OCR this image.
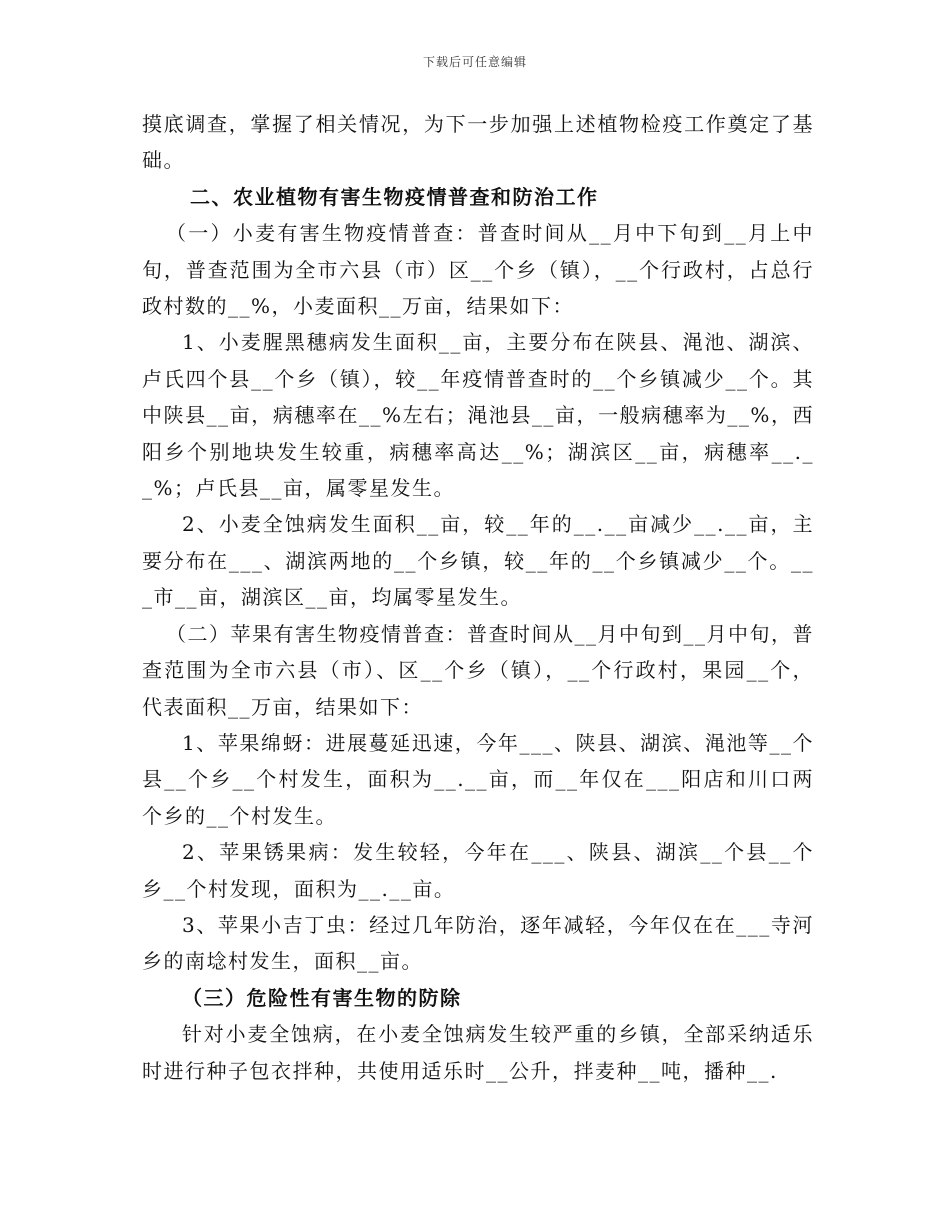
下载后可任意编辑

摸底调查，掌握了相关情况，为下一步加强上述植物检疫工作奠定了基础。

二、农业植物有害生物疫情普查和防治工作

（一）小麦有害生物疫情普查：普查时间从__月中下旬到__月上中旬，普查范围为全市六县（市）区__个乡（镇），__个行政村，占总行政村数的__%，小麦面积__万亩，结果如下：

1、小麦腥黑穗病发生面积__亩，主要分布在陕县、渑池、湖滨、卢氏四个县__个乡（镇），较__年疫情普查时的__个乡镇减少__个。其中陕县__亩，病穗率在__%左右；渑池县__亩，一般病穗率为__%，西阳乡个别地块发生较重，病穗率高达__%；湖滨区__亩，病穗率__._ _%；卢氏县__亩，属零星发生。

2、小麦全蚀病发生面积__亩，较__年的__.__亩减少__.__亩，主要分布在___、湖滨两地的__个乡镇，较__年的__个乡镇减少__个。__ _市__亩，湖滨区__亩，均属零星发生。

（二）苹果有害生物疫情普查：普查时间从__月中旬到__月中旬，普查范围为全市六县（市）、区__个乡（镇），__个行政村，果园__个，代表面积__万亩，结果如下：

1、苹果绵蚜：进展蔓延迅速，今年___、陕县、湖滨、渑池等__个县__个乡__个村发生，面积为__.__亩，而__年仅在___阳店和川口两个乡的__个村发生。

2、苹果锈果病：发生较轻，今年在___、陕县、湖滨__个县__个乡__个村发现，面积为__.__亩。

3、苹果小吉丁虫：经过几年防治，逐年减轻，今年仅在在___寺河乡的南埝村发生，面积__亩。

（三）危险性有害生物的防除

针对小麦全蚀病，在小麦全蚀病发生较严重的乡镇，全部采纳适乐时进行种子包衣拌种，共使用适乐时__公升，拌麦种__吨，播种__.
